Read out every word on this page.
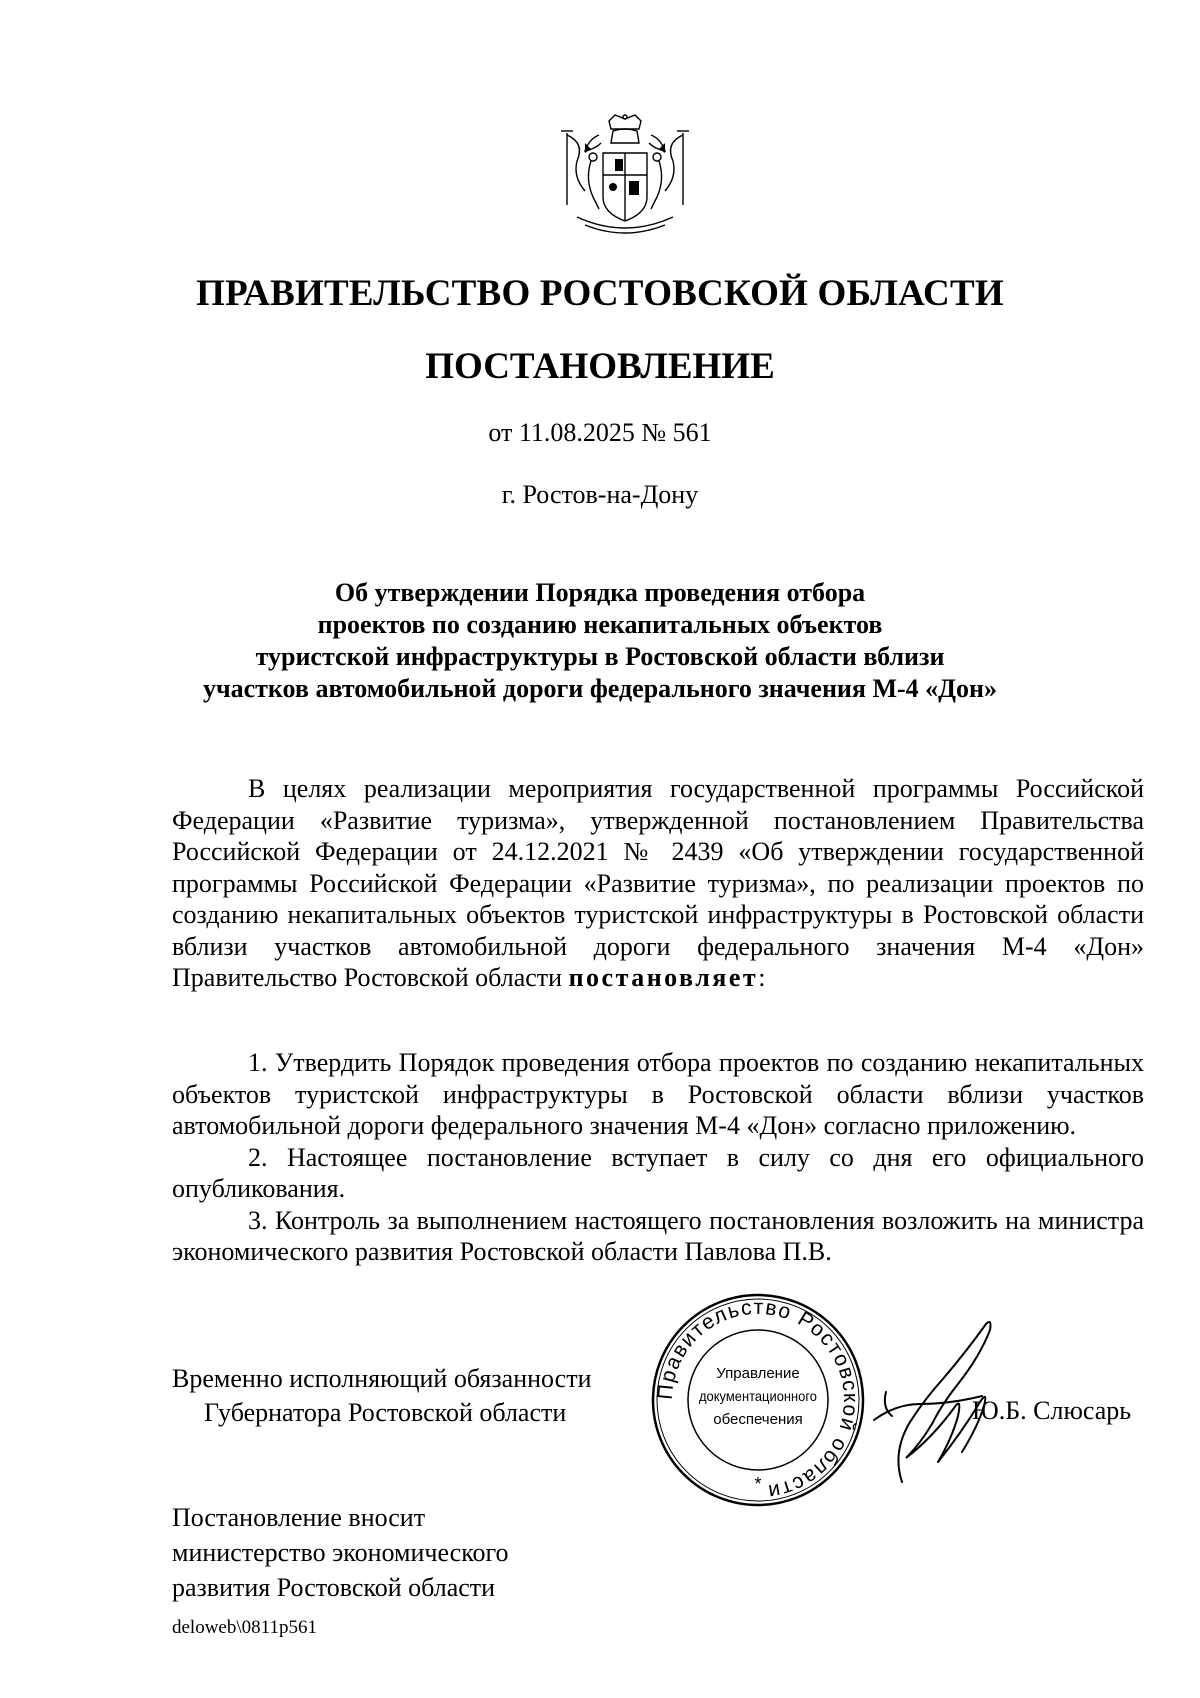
ПРАВИТЕЛЬСТВО РОСТОВСКОЙ ОБЛАСТИ
ПОСТАНОВЛЕНИЕ
от 11.08.2025 № 561
г. Ростов-на-Дону
Об утверждении Порядка проведения отбора
проектов по созданию некапитальных объектов
туристской инфраструктуры в Ростовской области вблизи
участков автомобильной дороги федерального значения М-4 «Дон»
В целях реализации мероприятия государственной программы Российской Федерации «Развитие туризма», утвержденной постановлением Правительства Российской Федерации от 24.12.2021 № 2439 «Об утверждении государственной программы Российской Федерации «Развитие туризма», по реализации проектов по созданию некапитальных объектов туристской инфраструктуры в Ростовской области вблизи участков автомобильной дороги федерального значения М-4 «Дон» Правительство Ростовской области постановляет:

1. Утвердить Порядок проведения отбора проектов по созданию некапитальных объектов туристской инфраструктуры в Ростовской области вблизи участков автомобильной дороги федерального значения М-4 «Дон» согласно приложению.

2. Настоящее постановление вступает в силу со дня его официального опубликования.

3. Контроль за выполнением настоящего постановления возложить на министра экономического развития Ростовской области Павлова П.В.

Временно исполняющий обязанности
Губернатора Ростовской области
Правительство Ростовской области
Управление
документационного
обеспечения
*
Ю.Б. Слюсарь
Постановление вносит
министерство экономического
развития Ростовской области
deloweb\0811p561
